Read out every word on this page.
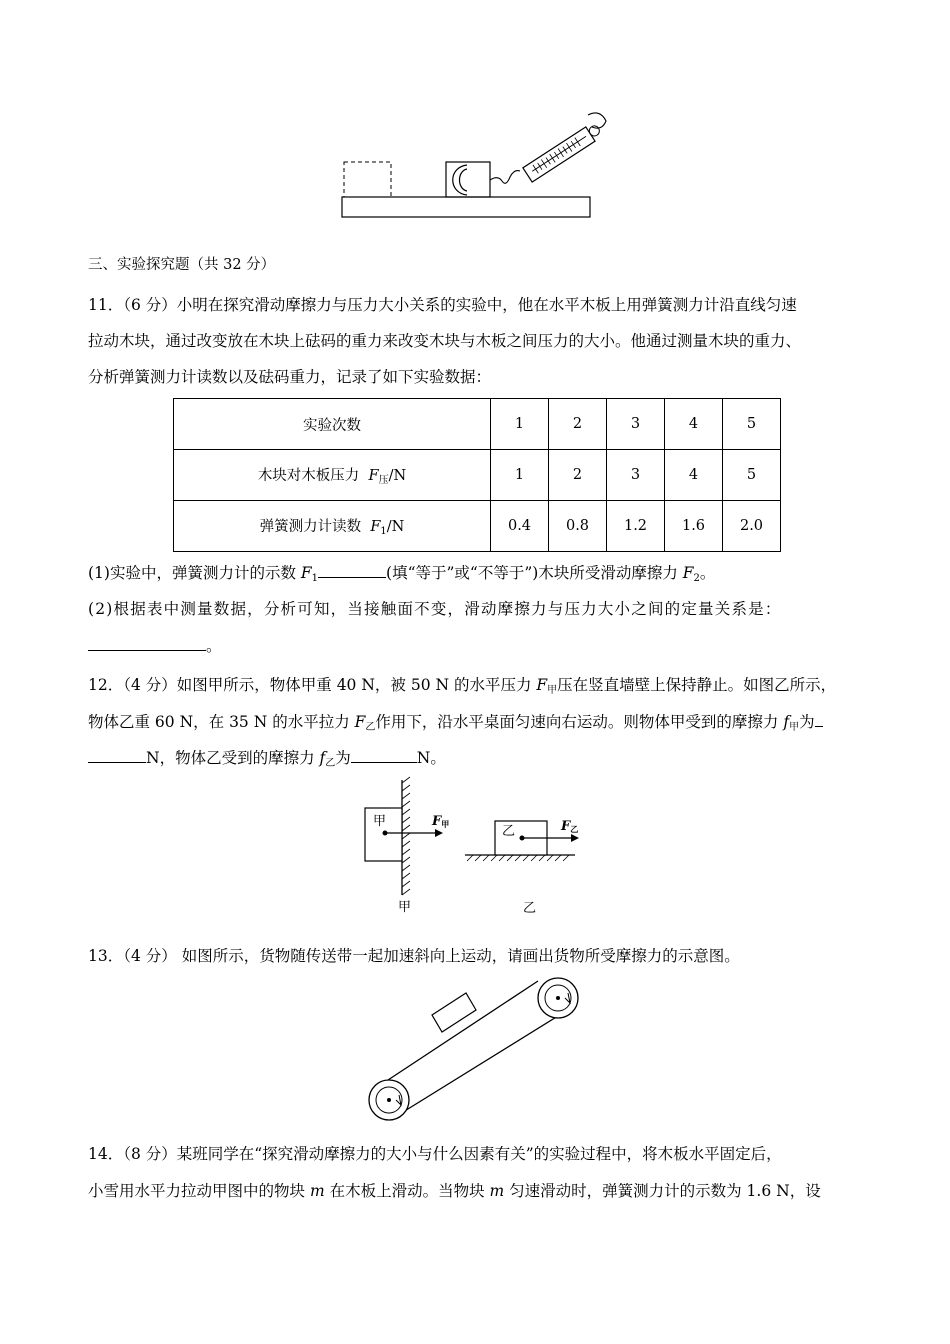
三、实验探究题（共 32 分）
11．（6 分）小明在探究滑动摩擦力与压力大小关系的实验中，他在水平木板上用弹簧测力计沿直线匀速
拉动木块，通过改变放在木块上砝码的重力来改变木块与木板之间压力的大小。他通过测量木块的重力、
分析弹簧测力计读数以及砝码重力，记录了如下实验数据：
实验次数	1	2	3	4	5
木块对木板压力 $F_压/N$	1	2	3	4	5
弹簧测力计读数 $F_1/N$	0.4	0.8	1.2	1.6	2.0
(1)实验中，弹簧测力计的示数 $F_1$	(填“等于”或“不等于”)木块所受滑动摩擦力 $F_2$。
(2)根据表中测量数据，分析可知，当接触面不变，滑动摩擦力与压力大小之间的定量关系是：
。
12．（4 分）如图甲所示，物体甲重 40 N，被 50 N 的水平压力 $F_甲$压在竖直墙壁上保持静止。如图乙所示，
物体乙重 60 N，在 35 N 的水平拉力 $F_乙$作用下，沿水平桌面匀速向右运动。则物体甲受到的摩擦力 $f_甲$为
N，物体乙受到的摩擦力 $f_乙$为	N。
甲	F甲
甲
乙	F乙
乙
13．（4 分） 如图所示，货物随传送带一起加速斜向上运动，请画出货物所受摩擦力的示意图。
14．（8 分）某班同学在“探究滑动摩擦力的大小与什么因素有关”的实验过程中，将木板水平固定后，
小雪用水平力拉动甲图中的物块 m 在木板上滑动。当物块 m 匀速滑动时，弹簧测力计的示数为 1.6 N，设
